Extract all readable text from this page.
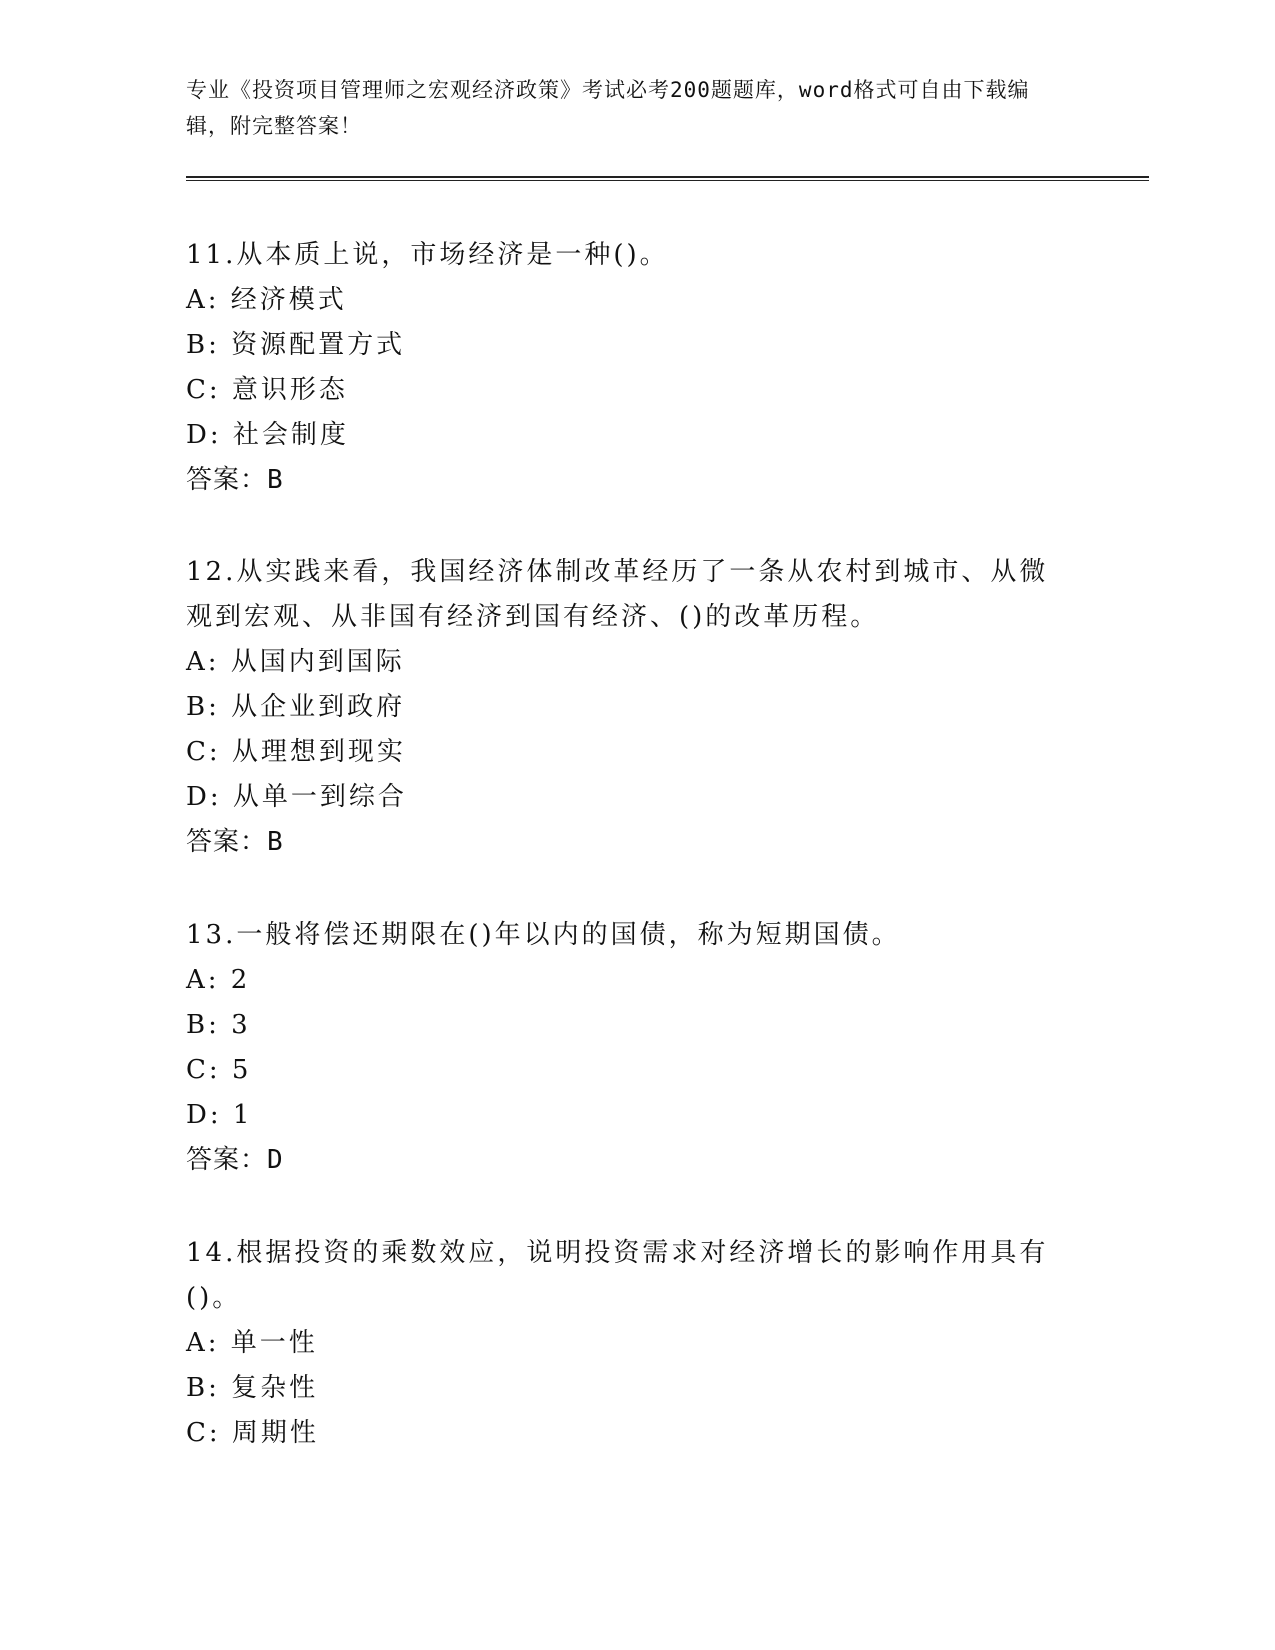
专业《投资项目管理师之宏观经济政策》考试必考200题题库，word格式可自由下载编辑，附完整答案！

11.从本质上说，市场经济是一种()。

A: 经济模式

B: 资源配置方式

C: 意识形态

D: 社会制度

答案：B

12.从实践来看，我国经济体制改革经历了一条从农村到城市、从微观到宏观、从非国有经济到国有经济、()的改革历程。

A: 从国内到国际

B: 从企业到政府

C: 从理想到现实

D: 从单一到综合

答案：B

13.一般将偿还期限在()年以内的国债，称为短期国债。

A: 2

B: 3

C: 5

D: 1

答案：D

14.根据投资的乘数效应，说明投资需求对经济增长的影响作用具有()。

A: 单一性

B: 复杂性

C: 周期性
